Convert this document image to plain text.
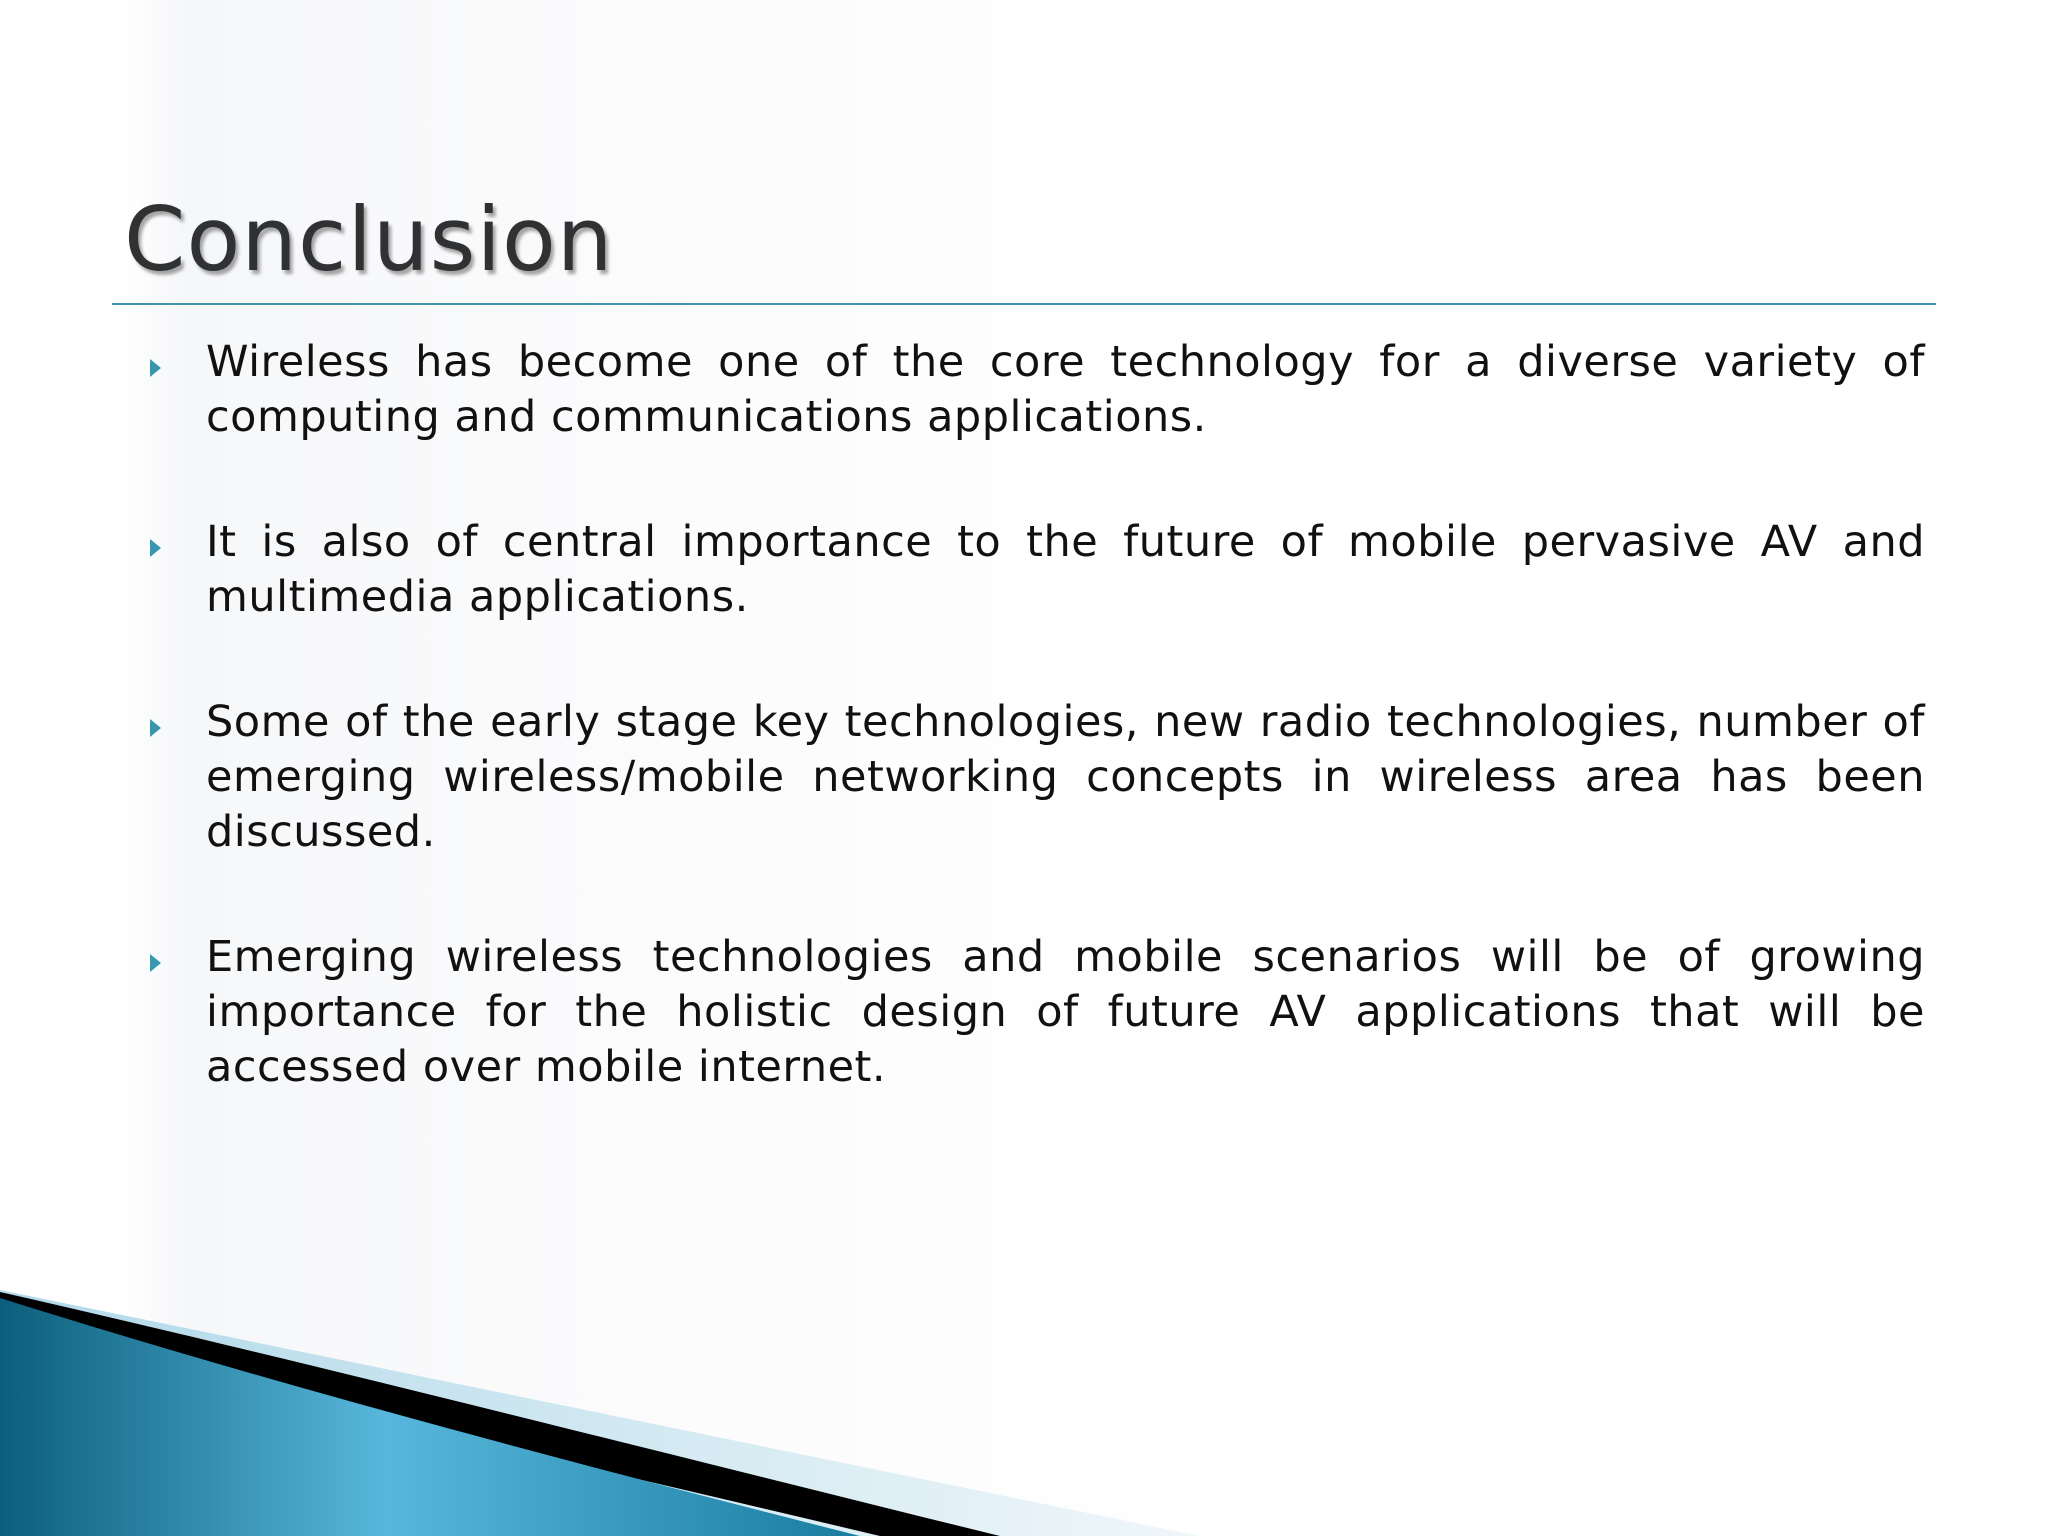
Conclusion
Wireless has become one of the core technology for a diverse variety of computing and communications applications.
It is also of central importance to the future of mobile pervasive AV and multimedia applications.
Some of the early stage key technologies, new radio technologies, number of emerging wireless/mobile networking concepts in wireless area has been discussed.
Emerging wireless technologies and mobile scenarios will be of growing importance for the holistic design of future AV applications that will be accessed over mobile internet.
